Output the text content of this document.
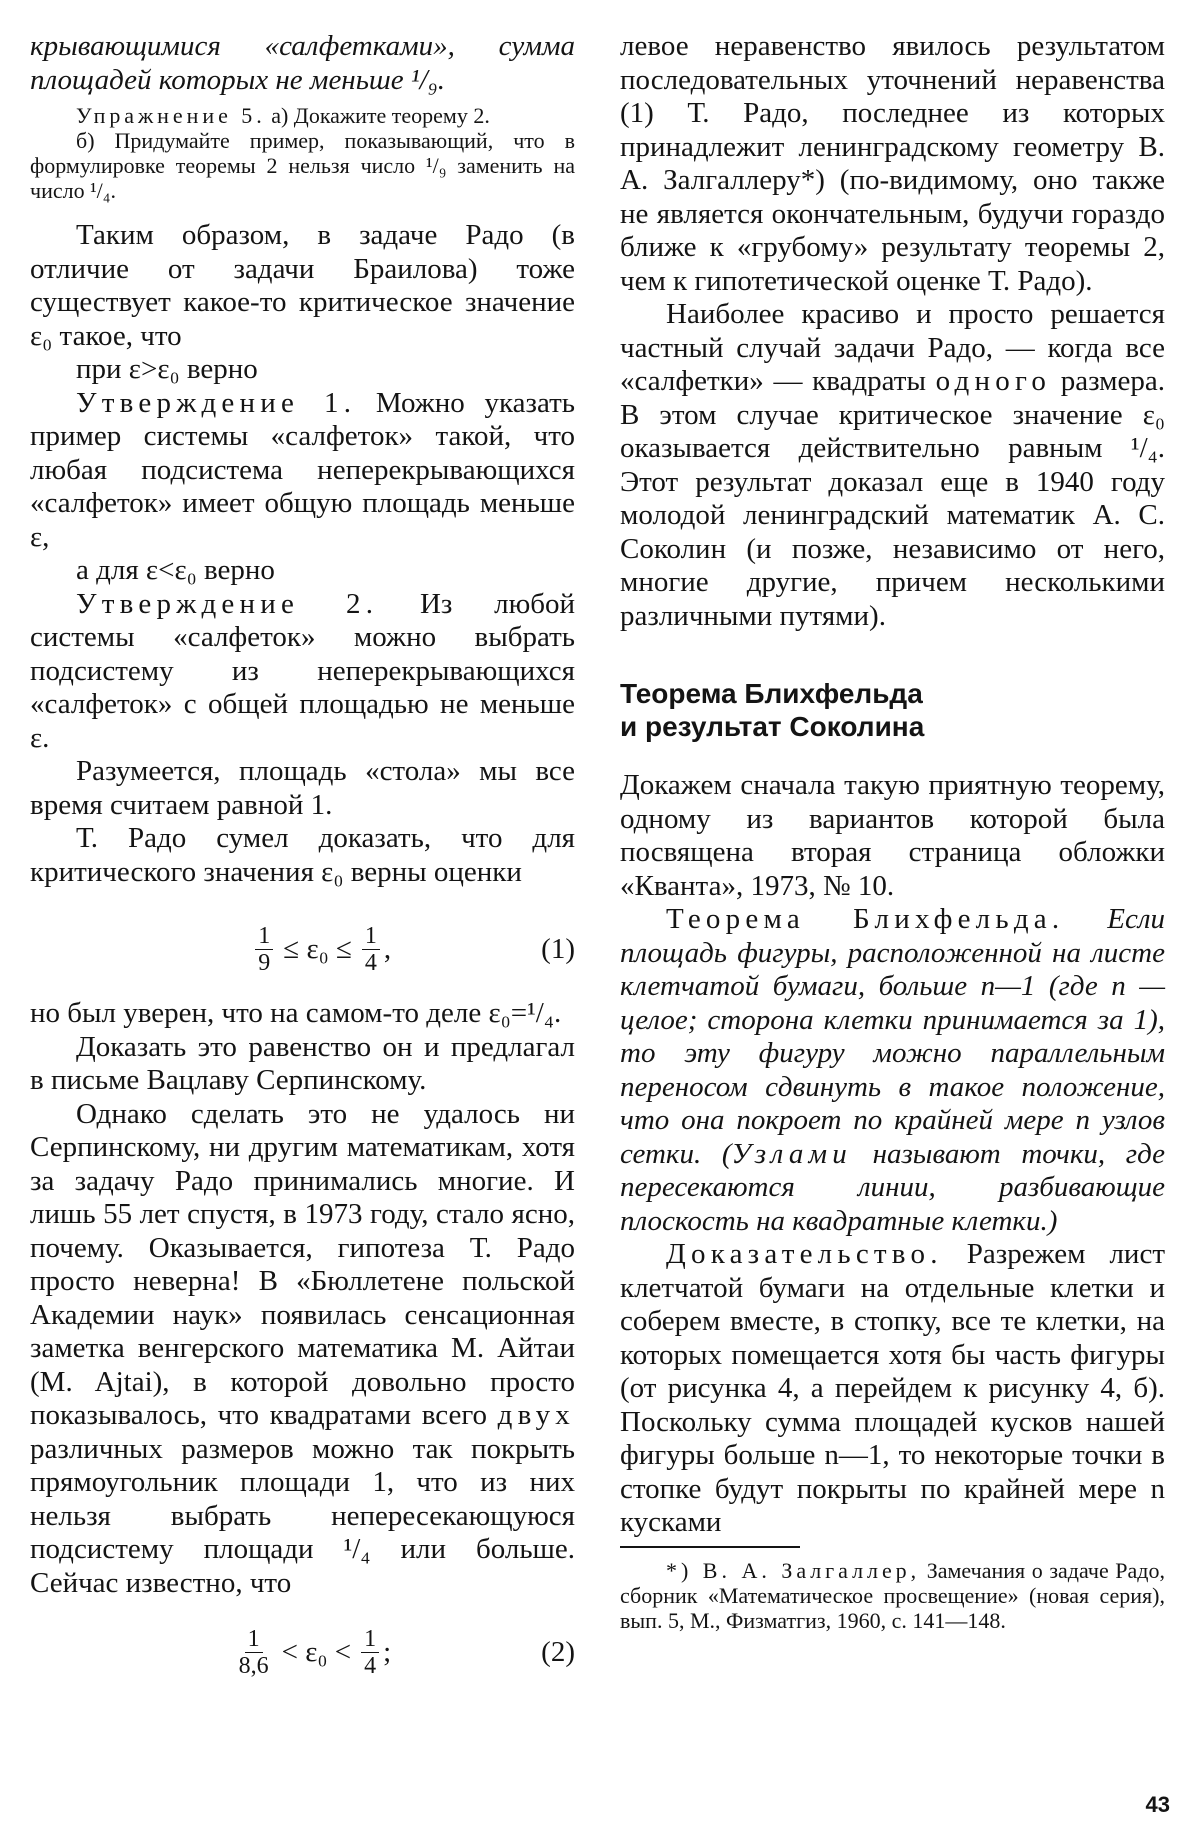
крывающимися «салфетками», сумма площадей которых не меньше ¹/₉.

Упражнение 5. а) Докажите теорему 2.

б) Придумайте пример, показывающий, что в формулировке теоремы 2 нельзя число ¹/₉ заменить на число ¹/₄.

Таким образом, в задаче Радо (в отличие от задачи Браилова) тоже существует какое-то критическое значение ε₀ такое, что

при ε>ε₀ верно

Утверждение 1. Можно указать пример системы «салфеток» такой, что любая подсистема неперекрывающихся «салфеток» имеет общую площадь меньше ε,

а для ε<ε₀ верно

Утверждение 2. Из любой системы «салфеток» можно выбрать подсистему из неперекрывающихся «салфеток» с общей площадью не меньше ε.

Разумеется, площадь «стола» мы все время считаем равной 1.

Т. Радо сумел доказать, что для критического значения ε₀ верны оценки

$\frac{1}{9} \le \varepsilon_0 \le \frac{1}{4}$ ,	(1)

но был уверен, что на самом-то деле ε₀=¹/₄.

Доказать это равенство он и предлагал в письме Вацлаву Серпинскому.

Однако сделать это не удалось ни Серпинскому, ни другим математикам, хотя за задачу Радо принимались многие. И лишь 55 лет спустя, в 1973 году, стало ясно, почему. Оказывается, гипотеза Т. Радо просто неверна! В «Бюллетене польской Академии наук» появилась сенсационная заметка венгерского математика М. Айтаи (M. Ajtai), в которой довольно просто показывалось, что квадратами всего двух различных размеров можно так покрыть прямоугольник площади 1, что из них нельзя выбрать непересекающуюся подсистему площади ¹/₄ или больше. Сейчас известно, что

$\frac{1}{8,6} < \varepsilon_0 < \frac{1}{4}$ ;	(2)

левое неравенство явилось результатом последовательных уточнений неравенства (1) Т. Радо, последнее из которых принадлежит ленинградскому геометру В. А. Залгаллеру*) (по-видимому, оно также не является окончательным, будучи гораздо ближе к «грубому» результату теоремы 2, чем к гипотетической оценке Т. Радо).

Наиболее красиво и просто решается частный случай задачи Радо, — когда все «салфетки» — квадраты одного размера. В этом случае критическое значение ε₀ оказывается действительно равным ¹/₄. Этот результат доказал еще в 1940 году молодой ленинградский математик А. С. Соколин (и позже, независимо от него, многие другие, причем несколькими различными путями).

Теорема Блихфельда
и результат Соколина

Докажем сначала такую приятную теорему, одному из вариантов которой была посвящена вторая страница обложки «Кванта», 1973, № 10.

Теорема Блихфельда. Если площадь фигуры, расположенной на листе клетчатой бумаги, больше n—1 (где n — целое; сторона клетки принимается за 1), то эту фигуру можно параллельным переносом сдвинуть в такое положение, что она покроет по крайней мере n узлов сетки. (Узлами называют точки, где пересекаются линии, разбивающие плоскость на квадратные клетки.)

Доказательство. Разрежем лист клетчатой бумаги на отдельные клетки и соберем вместе, в стопку, все те клетки, на которых помещается хотя бы часть фигуры (от рисунка 4, а перейдем к рисунку 4, б). Поскольку сумма площадей кусков нашей фигуры больше n—1, то некоторые точки в стопке будут покрыты по крайней мере n кусками

*) В. А. Залгаллер, Замечания о задаче Радо, сборник «Математическое просвещение» (новая серия), вып. 5, М., Физматгиз, 1960, с. 141—148.

43
